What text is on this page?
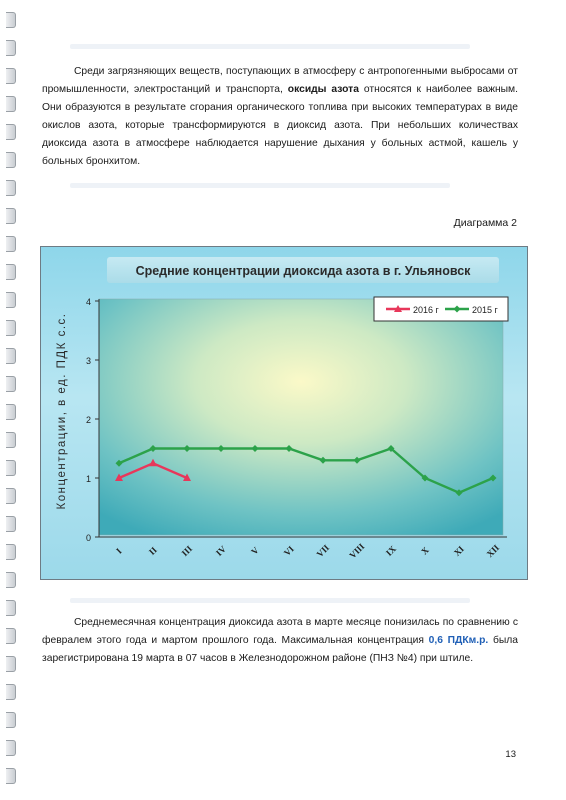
Среди загрязняющих веществ, поступающих в атмосферу с антропогенными выбросами от промышленности, электростанций и транспорта, оксиды азота относятся к наиболее важным. Они образуются в результате сгорания органического топлива при высоких температурах в виде окислов азота, которые трансформируются в диоксид азота. При небольших количествах диоксида азота в атмосфере наблюдается нарушение дыхания у больных астмой, кашель у больных бронхитом.

Диаграмма 2
Средние концентрации диоксида азота в г. Ульяновск
Концентрации, в ед. ПДК с.с.
0
1
2
3
4
I	II III IV V VI VII VIII IX X XI XII
2016 г	2015 г

Среднемесячная концентрация диоксида азота в марте месяце понизилась по сравнению с февралем этого года и мартом прошлого года. Максимальная концентрация 0,6 ПДКм.р. была зарегистрирована 19 марта в 07 часов в Железнодорожном районе (ПНЗ №4) при штиле.

13
